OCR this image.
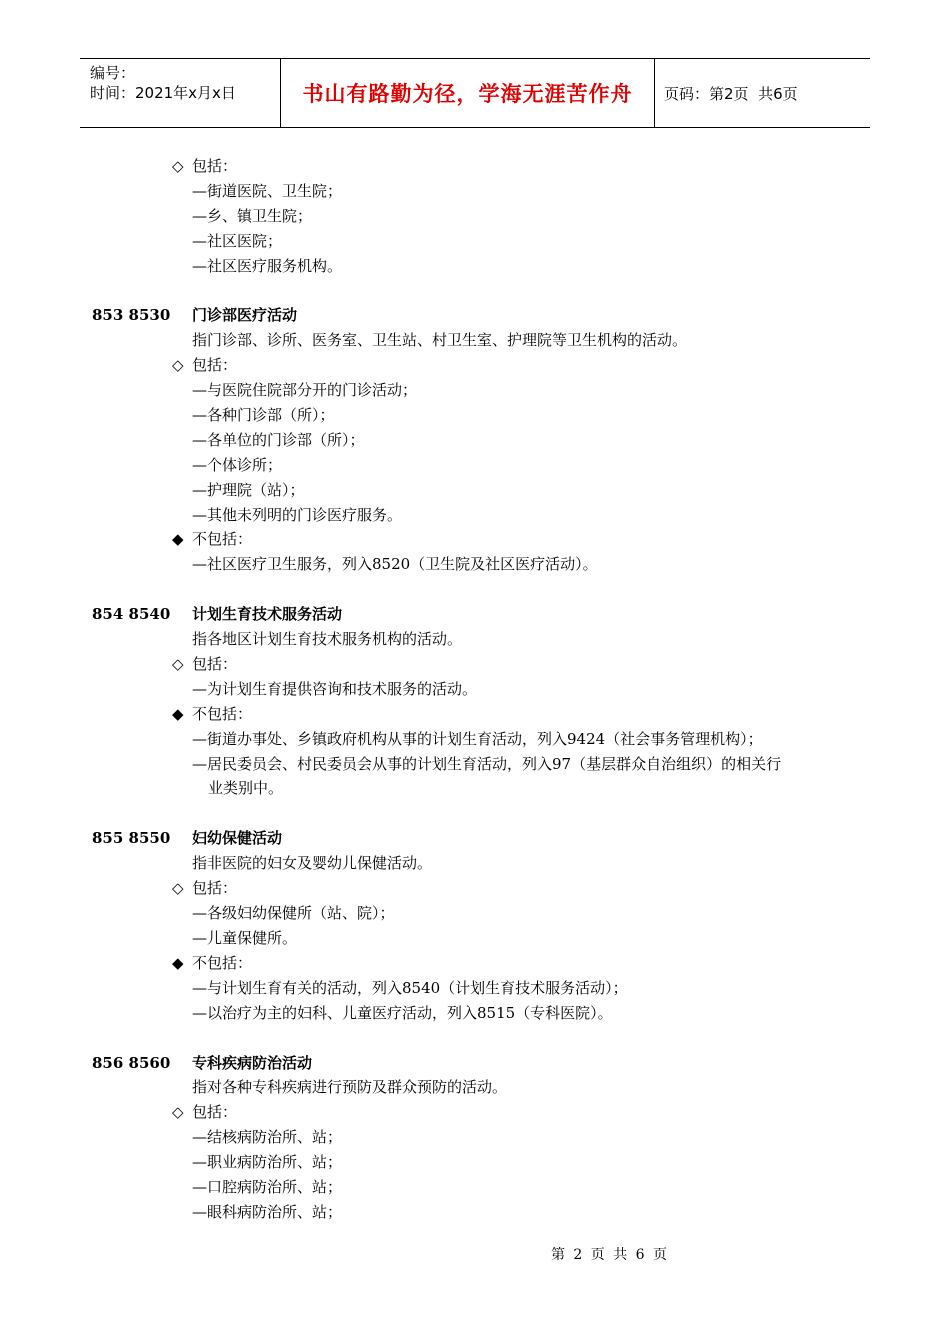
编号：
时间：2021年x月x日	书山有路勤为径，学海无涯苦作舟	页码：第2页  共6页
◇ 包括：
—街道医院、卫生院；
—乡、镇卫生院；
—社区医院；
—社区医疗服务机构。
853 8530 门诊部医疗活动
指门诊部、诊所、医务室、卫生站、村卫生室、护理院等卫生机构的活动。
◇ 包括：
—与医院住院部分开的门诊活动；
—各种门诊部（所）；
—各单位的门诊部（所）；
—个体诊所；
—护理院（站）；
—其他未列明的门诊医疗服务。
◆ 不包括：
—社区医疗卫生服务，列入8520（卫生院及社区医疗活动）。
854 8540 计划生育技术服务活动
指各地区计划生育技术服务机构的活动。
◇ 包括：
—为计划生育提供咨询和技术服务的活动。
◆ 不包括：
—街道办事处、乡镇政府机构从事的计划生育活动，列入9424（社会事务管理机构）；
—居民委员会、村民委员会从事的计划生育活动，列入97（基层群众自治组织）的相关行
业类别中。
855 8550 妇幼保健活动
指非医院的妇女及婴幼儿保健活动。
◇ 包括：
—各级妇幼保健所（站、院）；
—儿童保健所。
◆ 不包括：
—与计划生育有关的活动，列入8540（计划生育技术服务活动）；
—以治疗为主的妇科、儿童医疗活动，列入8515（专科医院）。
856 8560 专科疾病防治活动
指对各种专科疾病进行预防及群众预防的活动。
◇ 包括：
—结核病防治所、站；
—职业病防治所、站；
—口腔病防治所、站；
—眼科病防治所、站；
第 2 页 共 6 页
